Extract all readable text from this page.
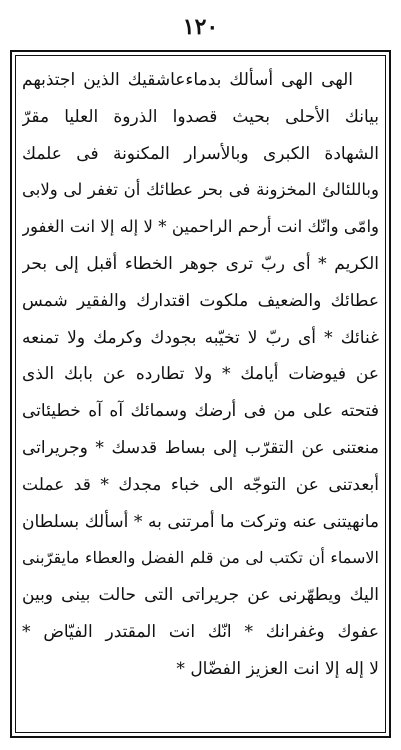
١٢٠
الهى الهى أسألك بدماءعاشقيك الذين اجتذبهم
بيانك الأحلى بحيث قصدوا الذروة العليا مقرّ
الشهادة الكبرى وبالأسرار المكنونة فى علمك
وباللئالئ المخزونة فى بحر عطائك أن تغفر لى ولابى
وامّى وانّك انت أرحم الراحمين * لا إله إلا انت الغفور
الكريم * أى ربّ ترى جوهر الخطاء أقبل إلى بحر
عطائك والضعيف ملكوت اقتدارك والفقير شمس
غنائك * أى ربّ لا تخيّبه بجودك وكرمك ولا تمنعه
عن فيوضات أيامك * ولا تطارده عن بابك الذى
فتحته على من فى أرضك وسمائك آه آه خطيئاتى
منعتنى عن التقرّب إلى بساط قدسك * وجريراتى
أبعدتنى عن التوجّه الى خباء مجدك * قد عملت
مانهيتنى عنه وتركت ما أمرتنى به * أسألك بسلطان
الاسماء أن تكتب لى من قلم الفضل والعطاء مايقرّبنى
اليك ويطهّرنى عن جريراتى التى حالت بينى وبين
عفوك وغفرانك * انّك انت المقتدر الفيّاض *
لا إله إلا انت العزيز الفضّال *
